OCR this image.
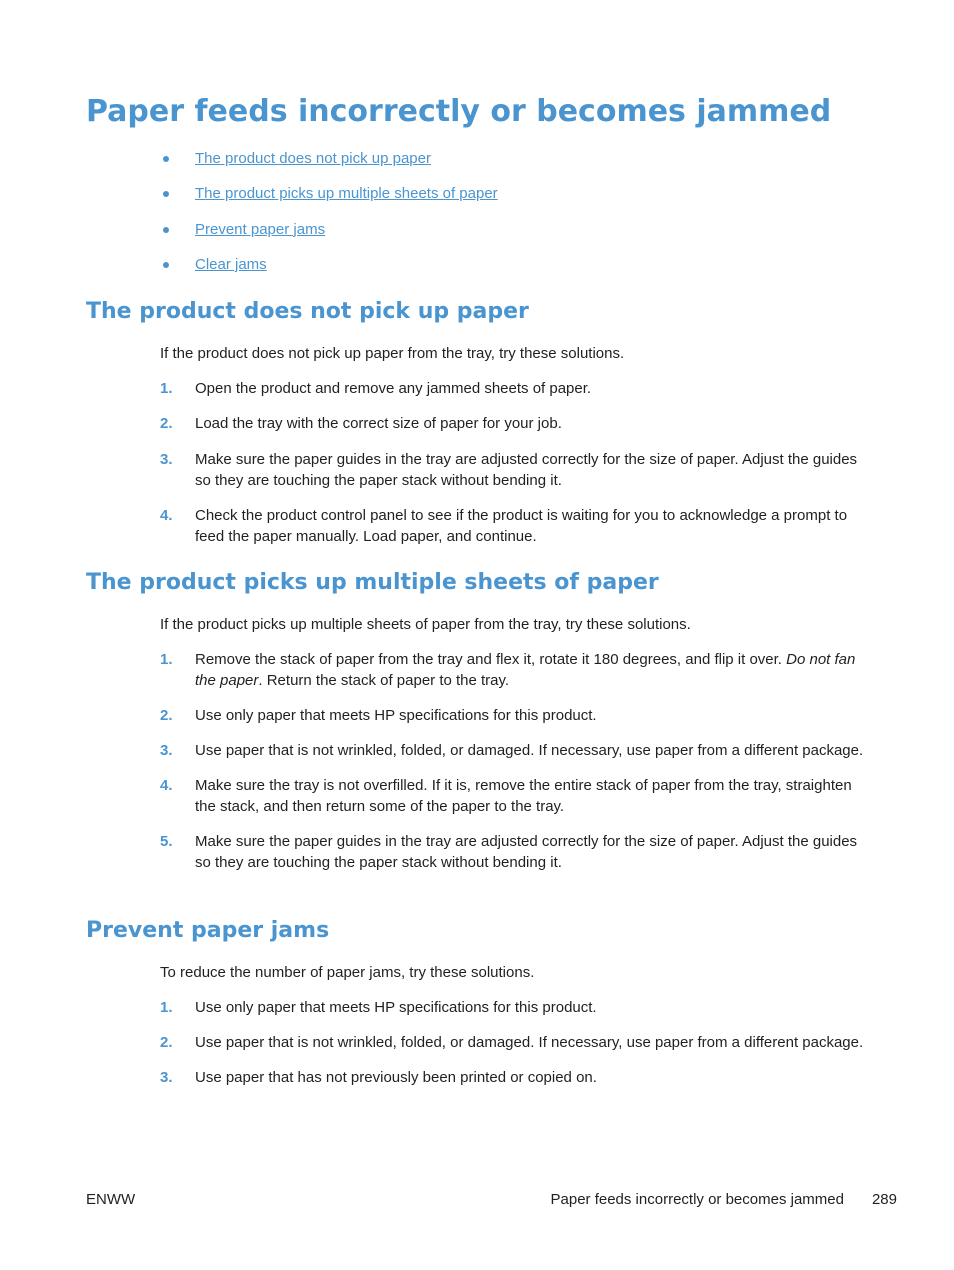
Paper feeds incorrectly or becomes jammed
The product does not pick up paper
The product picks up multiple sheets of paper
Prevent paper jams
Clear jams
The product does not pick up paper

If the product does not pick up paper from the tray, try these solutions.

1. Open the product and remove any jammed sheets of paper.
2. Load the tray with the correct size of paper for your job.
3. Make sure the paper guides in the tray are adjusted correctly for the size of paper. Adjust the guides so they are touching the paper stack without bending it.
4. Check the product control panel to see if the product is waiting for you to acknowledge a prompt to feed the paper manually. Load paper, and continue.
The product picks up multiple sheets of paper

If the product picks up multiple sheets of paper from the tray, try these solutions.

1. Remove the stack of paper from the tray and flex it, rotate it 180 degrees, and flip it over. Do not fan the paper. Return the stack of paper to the tray.
2. Use only paper that meets HP specifications for this product.
3. Use paper that is not wrinkled, folded, or damaged. If necessary, use paper from a different package.
4. Make sure the tray is not overfilled. If it is, remove the entire stack of paper from the tray, straighten the stack, and then return some of the paper to the tray.
5. Make sure the paper guides in the tray are adjusted correctly for the size of paper. Adjust the guides so they are touching the paper stack without bending it.
Prevent paper jams

To reduce the number of paper jams, try these solutions.

1. Use only paper that meets HP specifications for this product.
2. Use paper that is not wrinkled, folded, or damaged. If necessary, use paper from a different package.
3. Use paper that has not previously been printed or copied on.
ENWW	Paper feeds incorrectly or becomes jammed 289
